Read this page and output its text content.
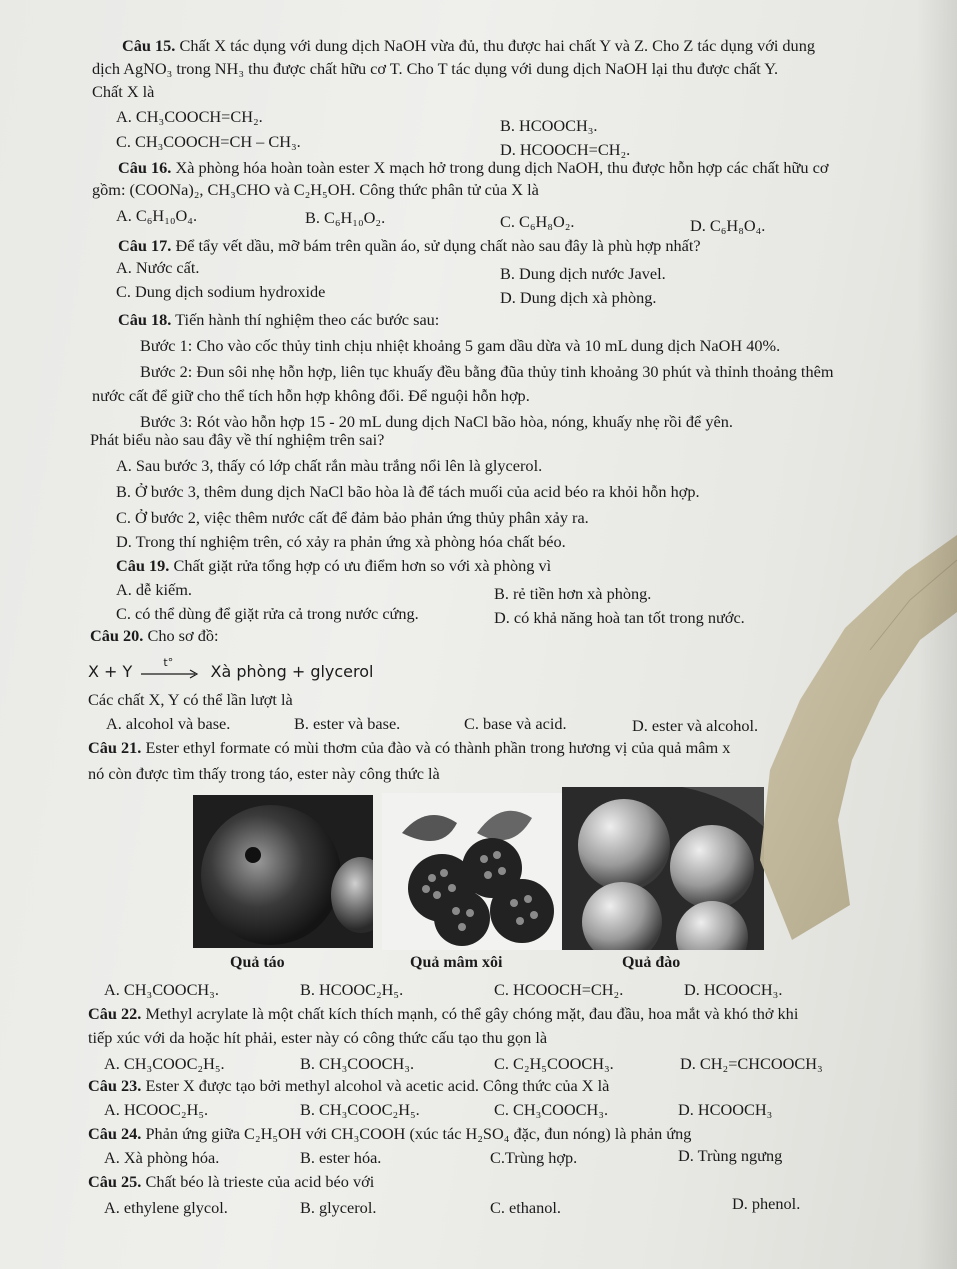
Câu 15. Chất X tác dụng với dung dịch NaOH vừa đủ, thu được hai chất Y và Z. Cho Z tác dụng với dung
dịch AgNO₃ trong NH₃ thu được chất hữu cơ T. Cho T tác dụng với dung dịch NaOH lại thu được chất Y.
Chất X là
A. CH₃COOCH=CH₂.	B. HCOOCH₃.
C. CH₃COOCH=CH – CH₃.	D. HCOOCH=CH₂.
Câu 16. Xà phòng hóa hoàn toàn ester X mạch hở trong dung dịch NaOH, thu được hỗn hợp các chất hữu cơ
gồm: (COONa)₂, CH₃CHO và C₂H₅OH. Công thức phân tử của X là
A. C₆H₁₀O₄.	B. C₆H₁₀O₂.	C. C₆H₈O₂.	D. C₆H₈O₄.
Câu 17. Để tẩy vết dầu, mỡ bám trên quần áo, sử dụng chất nào sau đây là phù hợp nhất?
A. Nước cất.	B. Dung dịch nước Javel.
C. Dung dịch sodium hydroxide	D. Dung dịch xà phòng.
Câu 18. Tiến hành thí nghiệm theo các bước sau:
Bước 1: Cho vào cốc thủy tinh chịu nhiệt khoảng 5 gam dầu dừa và 10 mL dung dịch NaOH 40%.
Bước 2: Đun sôi nhẹ hỗn hợp, liên tục khuấy đều bằng đũa thủy tinh khoảng 30 phút và thỉnh thoảng thêm
nước cất để giữ cho thể tích hỗn hợp không đổi. Để nguội hỗn hợp.
Bước 3: Rót vào hỗn hợp 15 - 20 mL dung dịch NaCl bão hòa, nóng, khuấy nhẹ rồi để yên.
Phát biểu nào sau đây về thí nghiệm trên sai?
A. Sau bước 3, thấy có lớp chất rắn màu trắng nổi lên là glycerol.
B. Ở bước 3, thêm dung dịch NaCl bão hòa là để tách muối của acid béo ra khỏi hỗn hợp.
C. Ở bước 2, việc thêm nước cất để đảm bảo phản ứng thủy phân xảy ra.
D. Trong thí nghiệm trên, có xảy ra phản ứng xà phòng hóa chất béo.
Câu 19. Chất giặt rửa tổng hợp có ưu điểm hơn so với xà phòng vì
A. dễ kiếm.	B. rẻ tiền hơn xà phòng.
C. có thể dùng để giặt rửa cả trong nước cứng.	D. có khả năng hoà tan tốt trong nước.
Câu 20. Cho sơ đồ:
Các chất X, Y có thể lần lượt là
A. alcohol và base.	B. ester và base.	C. base và acid.	D. ester và alcohol.
Câu 21. Ester ethyl formate có mùi thơm của đào và có thành phần trong hương vị của quả mâm x
nó còn được tìm thấy trong táo, ester này công thức là
A. CH₃COOCH₃.	B. HCOOC₂H₅.	C. HCOOCH=CH₂.	D. HCOOCH₃.
Câu 22. Methyl acrylate là một chất kích thích mạnh, có thể gây chóng mặt, đau đầu, hoa mắt và khó thở khi
tiếp xúc với da hoặc hít phải, ester này có công thức cấu tạo thu gọn là
A. CH₃COOC₂H₅.	B. CH₃COOCH₃.	C. C₂H₅COOCH₃.	D. CH₂=CHCOOCH₃
Câu 23. Ester X được tạo bởi methyl alcohol và acetic acid. Công thức của X là
A. HCOOC₂H₅.	B. CH₃COOC₂H₅.	C. CH₃COOCH₃.	D. HCOOCH₃
Câu 24. Phản ứng giữa C₂H₅OH với CH₃COOH (xúc tác H₂SO₄ đặc, đun nóng) là phản ứng
A. Xà phòng hóa.	B. ester hóa.	C.Trùng hợp.	D. Trùng ngưng
Câu 25. Chất béo là trieste của acid béo với
A. ethylene glycol.	B. glycerol.	C. ethanol.	D. phenol.
X + Y	t° Xà phòng + glycerol
Quả táo	Quả mâm xôi	Quả đào
